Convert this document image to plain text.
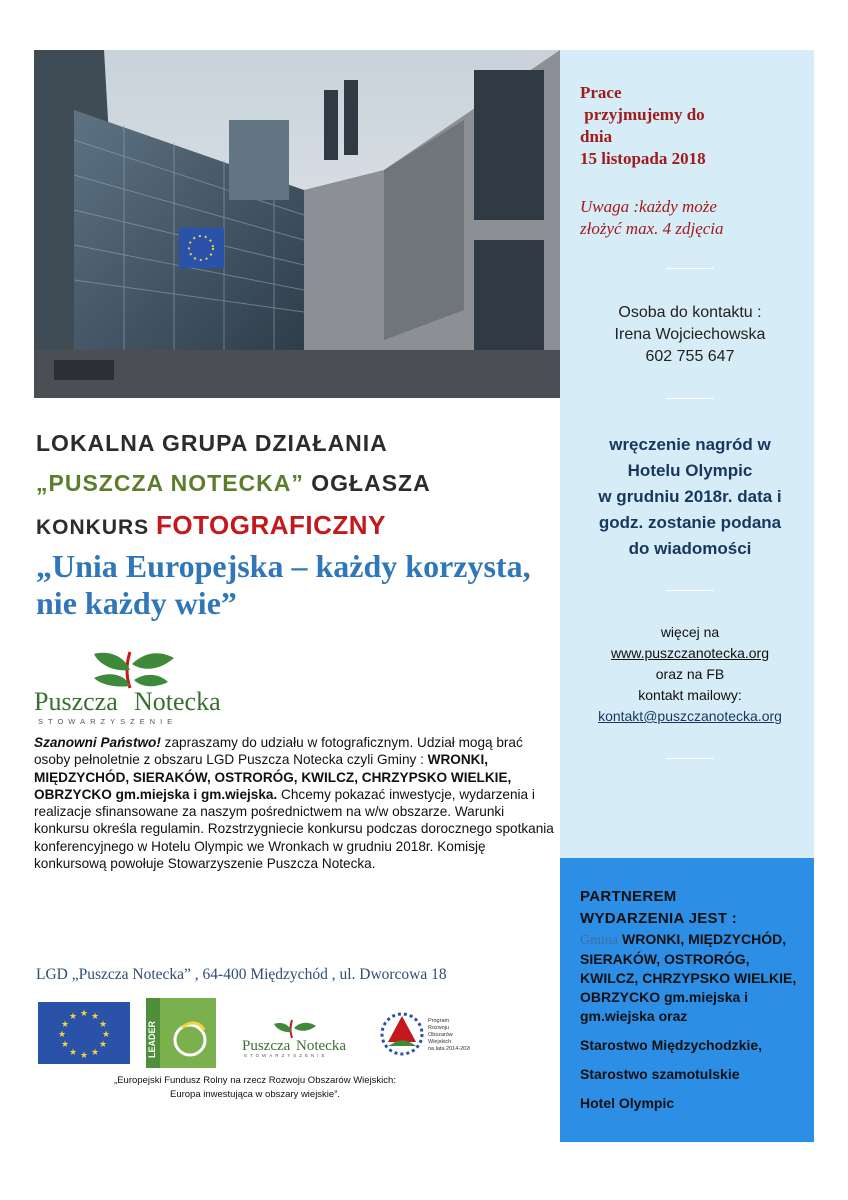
Prace
przyjmujemy do
dnia
15 listopada 2018
Uwaga :każdy może
złożyć max. 4 zdjęcia
Osoba do kontaktu :
Irena Wojciechowska
602 755 647
wręczenie nagród w
Hotelu Olympic
w grudniu 2018r. data i
godz. zostanie podana
do wiadomości
więcej na
www.puszczanotecka.org
oraz na FB
kontakt mailowy:
kontakt@puszczanotecka.org
PARTNEREM
WYDARZENIA JEST :
Gmina WRONKI, MIĘDZYCHÓD, SIERAKÓW, OSTRORÓG, KWILCZ, CHRZYPSKO WIELKIE, OBRZYCKO gm.miejska i gm.wiejska oraz
Starostwo Międzychodzkie,
Starostwo szamotulskie
Hotel Olympic
LOKALNA GRUPA DZIAŁANIA
„PUSZCZA NOTECKA” OGŁASZA
KONKURS FOTOGRAFICZNY
„Unia Europejska – każdy korzysta, nie każdy wie”
Puszcza Notecka
STOWARZYSZENIE
Szanowni Państwo! zapraszamy do udziału w fotograficznym. Udział mogą brać osoby pełnoletnie z obszaru LGD Puszcza Notecka czyli Gminy : WRONKI, MIĘDZYCHÓD, SIERAKÓW, OSTRORÓG, KWILCZ, CHRZYPSKO WIELKIE, OBRZYCKO gm.miejska i gm.wiejska. Chcemy pokazać inwestycje, wydarzenia i realizacje sfinansowane za naszym pośrednictwem na w/w obszarze. Warunki konkursu określa regulamin. Rozstrzygniecie konkursu podczas dorocznego spotkania konferencyjnego w Hotelu Olympic we Wronkach w grudniu 2018r. Komisję konkursową powołuje Stowarzyszenie Puszcza Notecka.
LGD „Puszcza Notecka” , 64-400 Międzychód , ul. Dworcowa 18
★ ★
★
★
★
★
★
★
★
★
★
★
LEADER	Puszcza Notecka
STOWARZYSZENIE
Program
Rozwoju
Obszarów
Wiejskich
na lata 2014-2020
„Europejski Fundusz Rolny na rzecz Rozwoju Obszarów Wiejskich:
Europa inwestująca w obszary wiejskie”.
